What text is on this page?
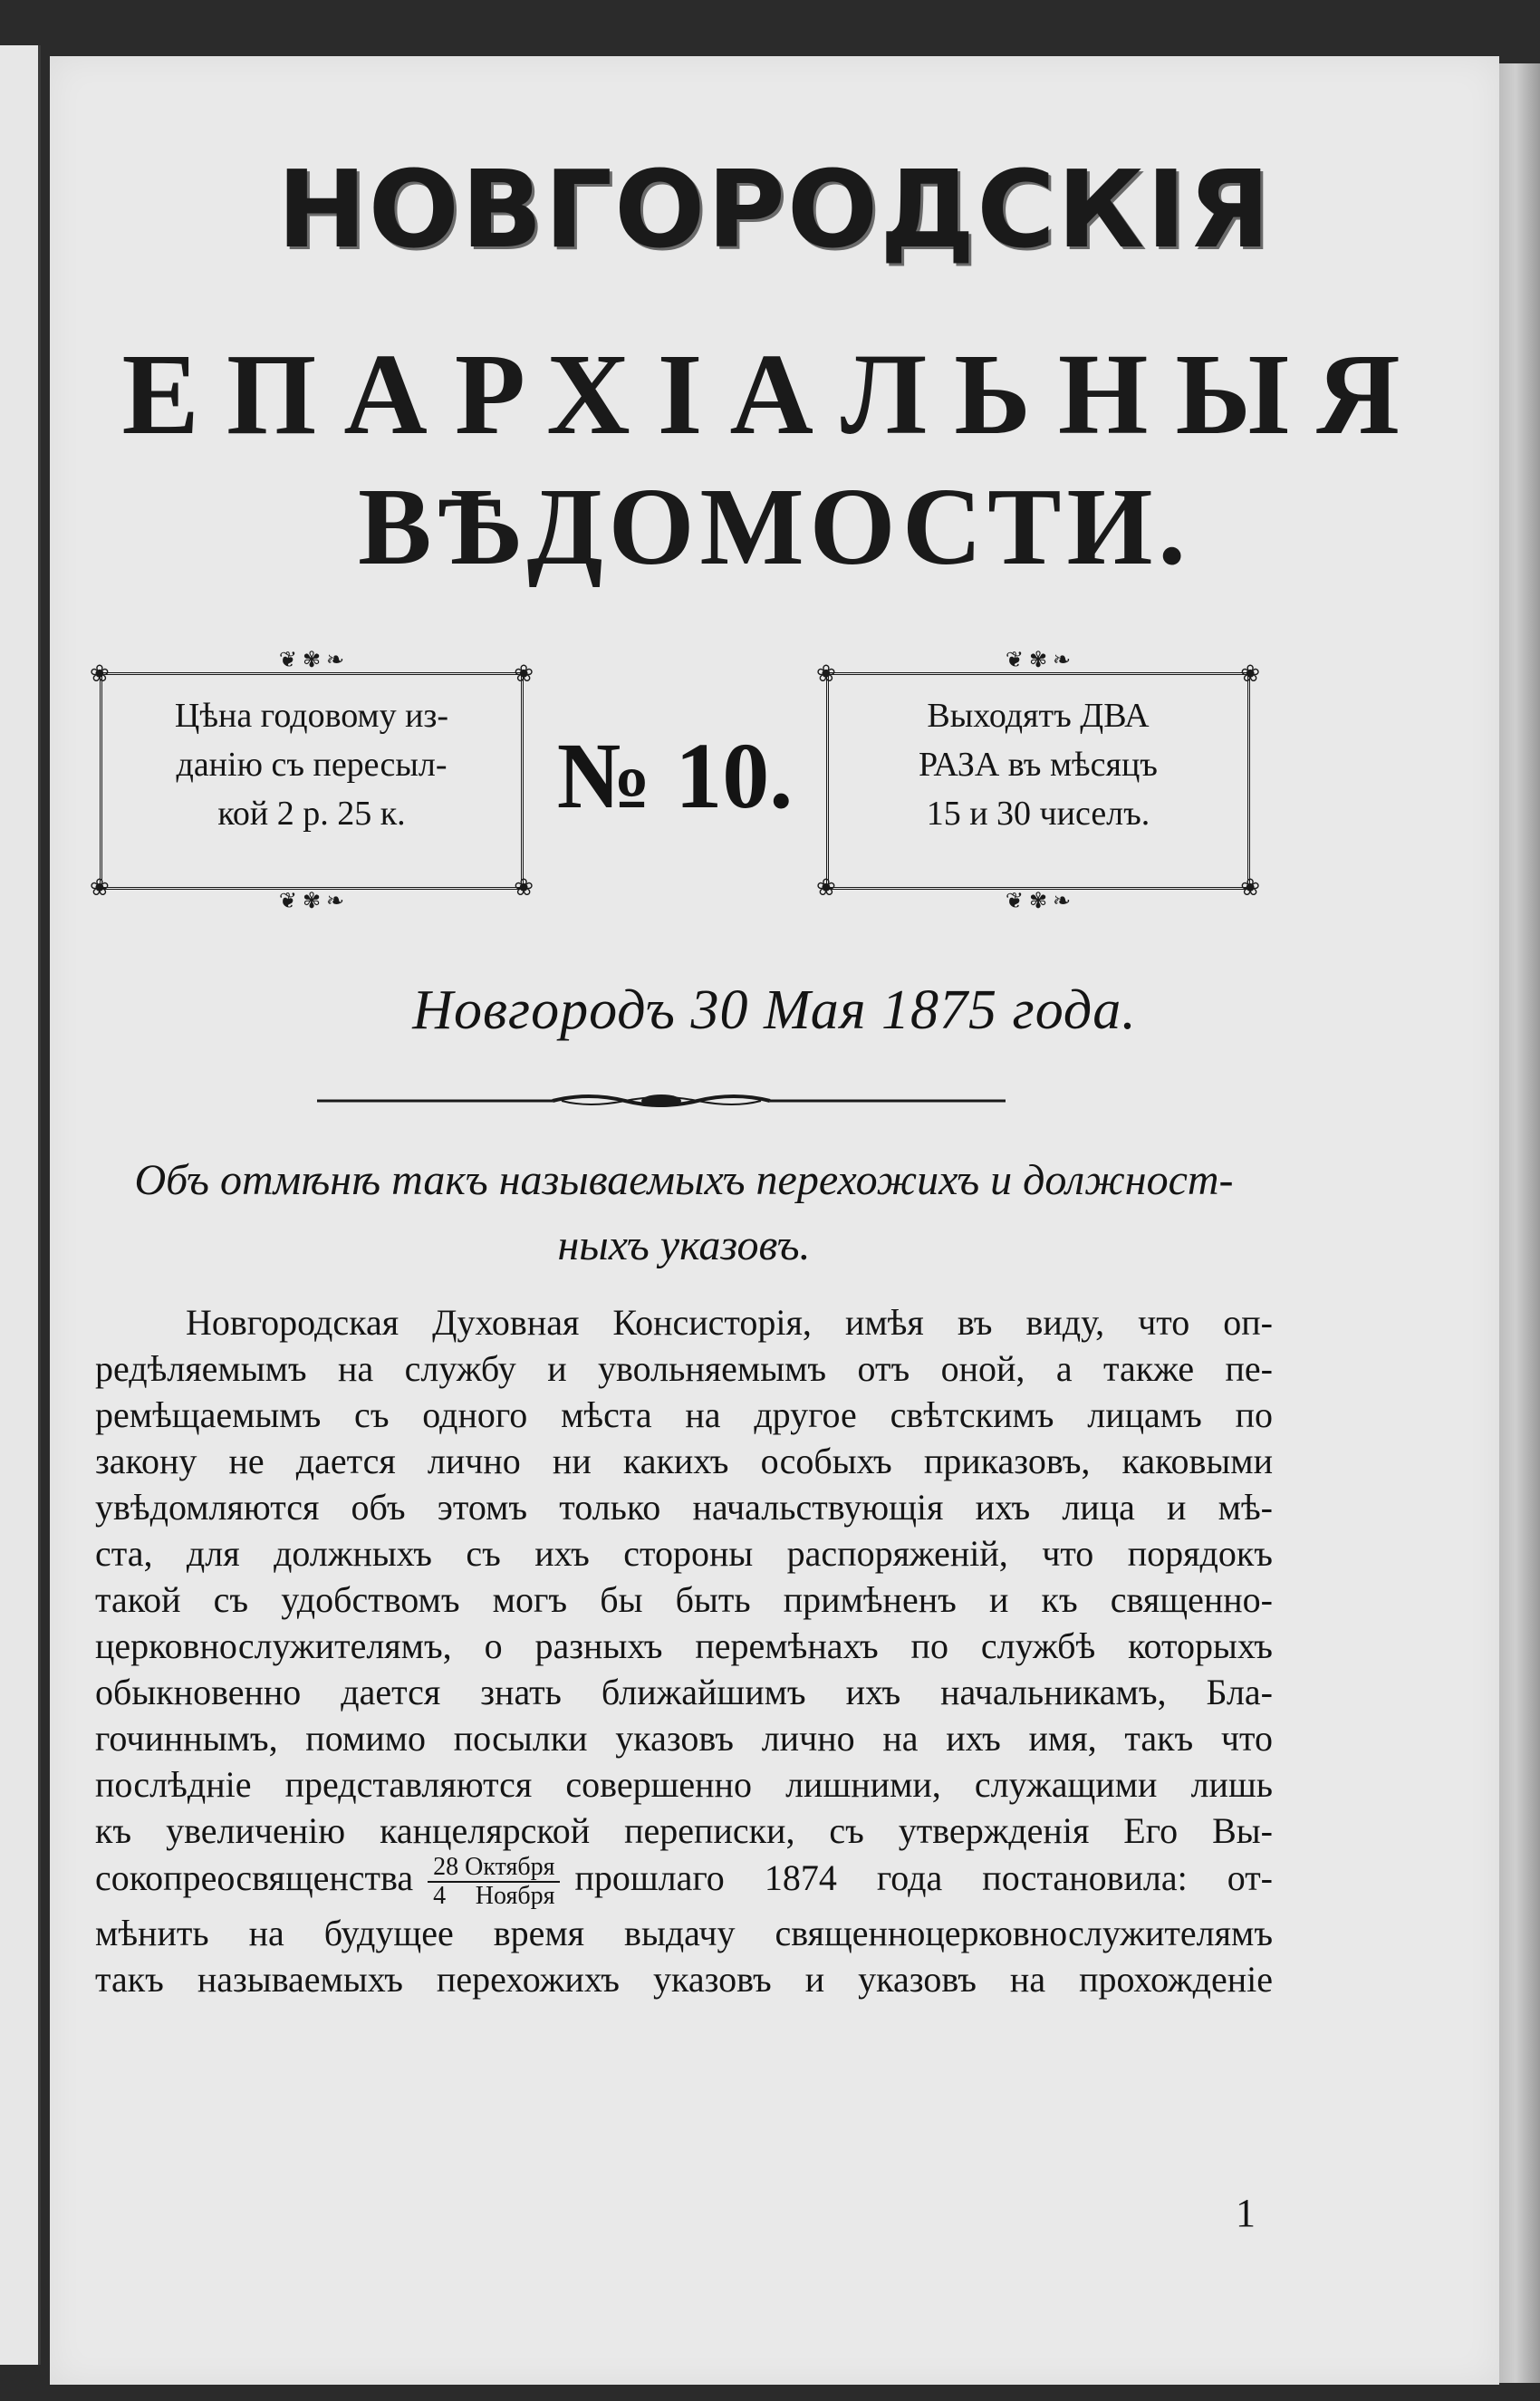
НОВГОРОДСКІЯ
ЕПАРХІАЛЬНЫЯ
ВѢДОМОСТИ.
❦ ✾ ❧
❀	❀
❀	❀
Цѣна годовому из-
данію съ пересыл-
кой 2 р. 25 к.
❦ ✾ ❧
№ 10.
❦ ✾ ❧
❀	❀
❀	❀
Выходятъ ДВА
РАЗА въ мѣсяцъ
15 и 30 чиселъ.
❦ ✾ ❧
Новгородъ 30 Мая 1875 года.
Объ отмѣнѣ такъ называемыхъ перехожихъ и должност-
ныхъ указовъ.
Новгородская Духовная Консисторія, имѣя въ виду, что оп-
редѣляемымъ на службу и увольняемымъ отъ оной, а также пе-
ремѣщаемымъ съ одного мѣста на другое свѣтскимъ лицамъ по
закону не дается лично ни какихъ особыхъ приказовъ, каковыми
увѣдомляются объ этомъ только начальствующія ихъ лица и мѣ-
ста, для должныхъ съ ихъ стороны распоряженій, что порядокъ
такой съ удобствомъ могъ бы быть примѣненъ и къ священно-
церковнослужителямъ, о разныхъ перемѣнахъ по службѣ которыхъ
обыкновенно дается знать ближайшимъ ихъ начальникамъ, Бла-
гочиннымъ, помимо посылки указовъ лично на ихъ имя, такъ что
послѣдніе представляются совершенно лишними, служащими лишь
къ увеличенію канцелярской переписки, съ утвержденія Его Вы-
сокопреосвященства $\frac{\text{28 Октября}}{\text{4 Ноября}}$ прошлаго 1874 года постановила: от-
мѣнить на будущее время выдачу священноцерковнослужителямъ
такъ называемыхъ перехожихъ указовъ и указовъ на прохожденіе
1
